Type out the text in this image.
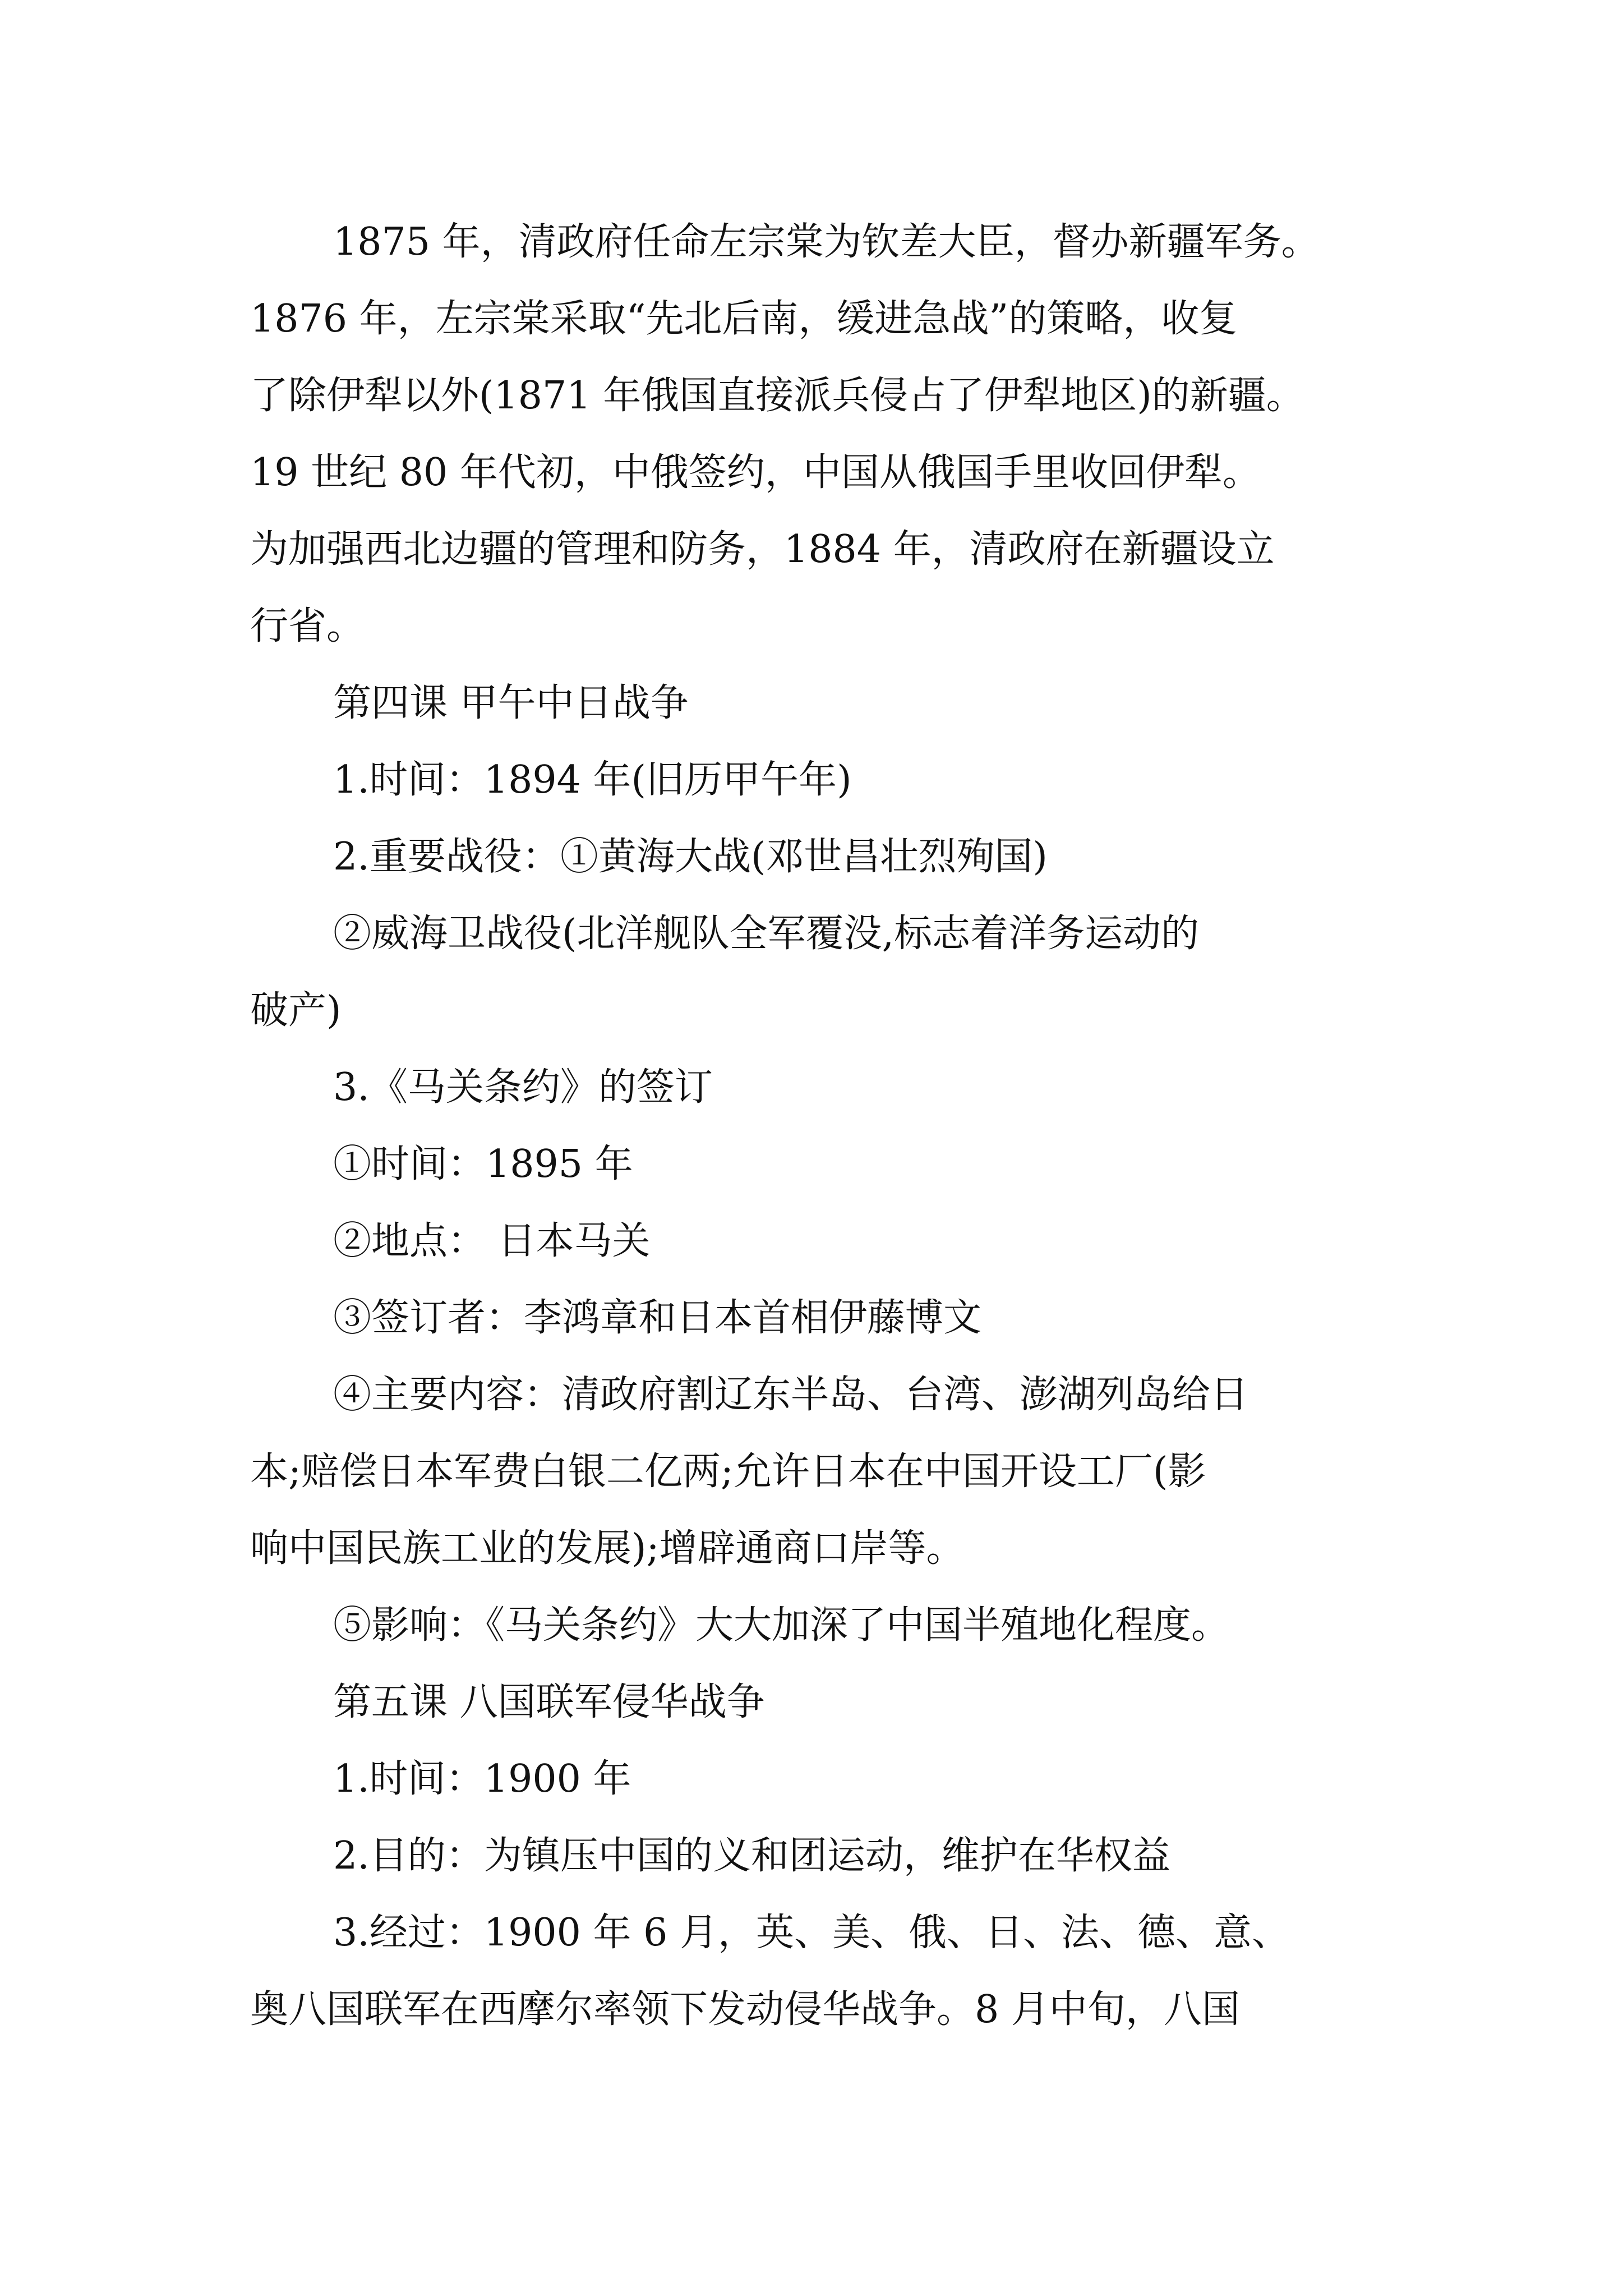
1875 年，清政府任命左宗棠为钦差大臣，督办新疆军务。
1876 年，左宗棠采取“先北后南，缓进急战”的策略，收复
了除伊犁以外(1871 年俄国直接派兵侵占了伊犁地区)的新疆。
19 世纪 80 年代初，中俄签约，中国从俄国手里收回伊犁。
为加强西北边疆的管理和防务，1884 年，清政府在新疆设立
行省。
第四课 甲午中日战争
1.时间：1894 年(旧历甲午年)
2.重要战役：①黄海大战(邓世昌壮烈殉国)
②威海卫战役(北洋舰队全军覆没,标志着洋务运动的
破产)
3.《马关条约》的签订
①时间：1895 年
②地点： 日本马关
③签订者：李鸿章和日本首相伊藤博文
④主要内容：清政府割辽东半岛、台湾、澎湖列岛给日
本;赔偿日本军费白银二亿两;允许日本在中国开设工厂(影
响中国民族工业的发展);增辟通商口岸等。
⑤影响：《马关条约》大大加深了中国半殖地化程度。
第五课 八国联军侵华战争
1.时间：1900 年
2.目的：为镇压中国的义和团运动，维护在华权益
3.经过：1900 年 6 月，英、美、俄、日、法、德、意、
奥八国联军在西摩尔率领下发动侵华战争。8 月中旬，八国
